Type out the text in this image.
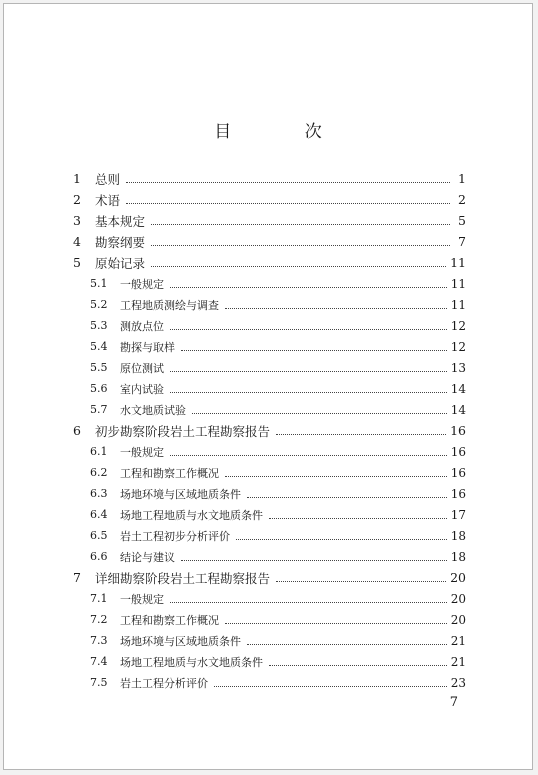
目 次
1	总则	1
2	术语	2
3	基本规定	5
4	勘察纲要	7
5	原始记录	11
5.1	一般规定	11
5.2	工程地质测绘与调查	11
5.3	测放点位	12
5.4	勘探与取样	12
5.5	原位测试	13
5.6	室内试验	14
5.7	水文地质试验	14
6	初步勘察阶段岩土工程勘察报告	16
6.1	一般规定	16
6.2	工程和勘察工作概况	16
6.3	场地环境与区域地质条件	16
6.4	场地工程地质与水文地质条件	17
6.5	岩土工程初步分析评价	18
6.6	结论与建议	18
7	详细勘察阶段岩土工程勘察报告	20
7.1	一般规定	20
7.2	工程和勘察工作概况	20
7.3	场地环境与区域地质条件	21
7.4	场地工程地质与水文地质条件	21
7.5	岩土工程分析评价	23
7
